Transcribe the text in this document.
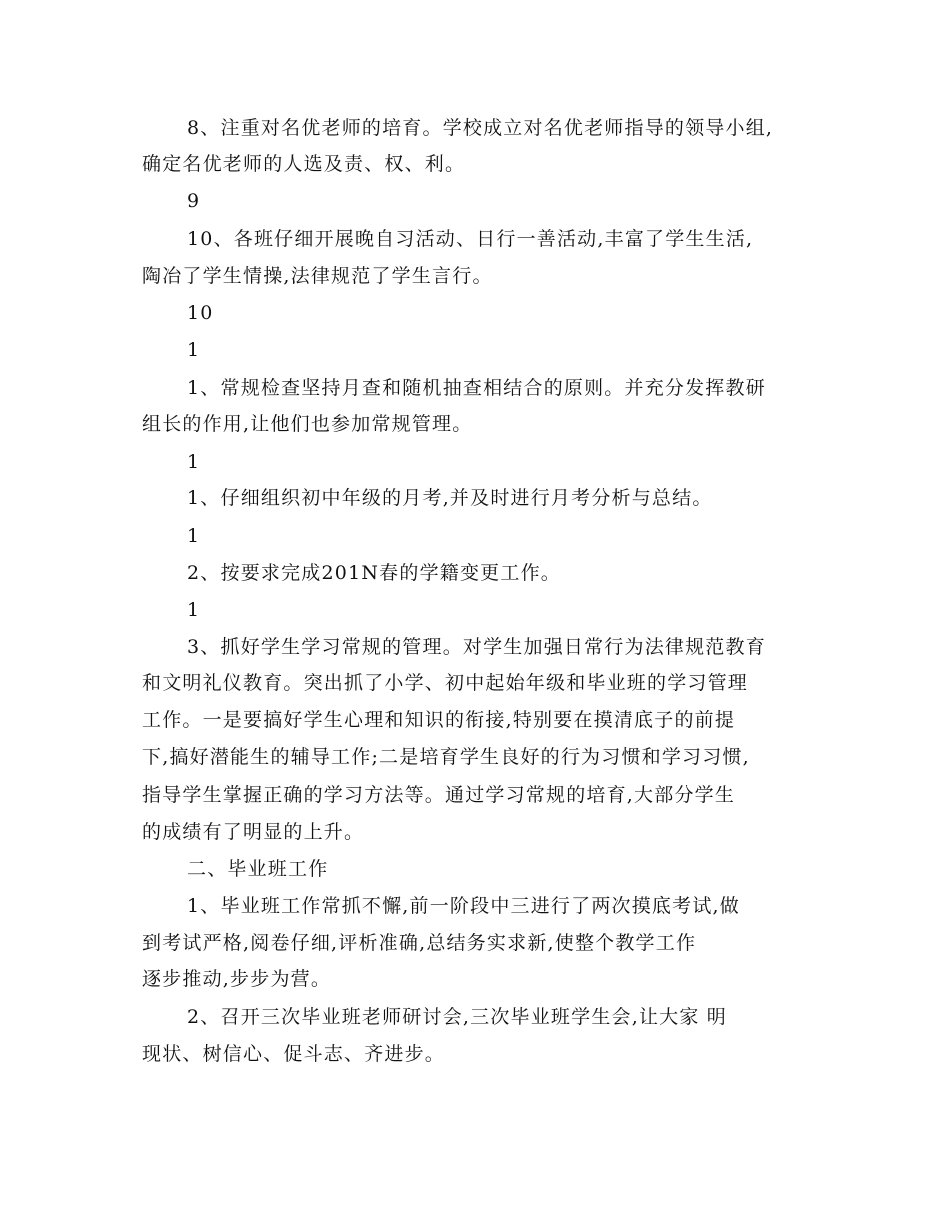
8、注重对名优老师的培育。学校成立对名优老师指导的领导小组,
确定名优老师的人选及责、权、利。
9
10、各班仔细开展晚自习活动、日行一善活动,丰富了学生生活,
陶冶了学生情操,法律规范了学生言行。
10
1
1、常规检查坚持月查和随机抽查相结合的原则。并充分发挥教研
组长的作用,让他们也参加常规管理。
1
1、仔细组织初中年级的月考,并及时进行月考分析与总结。
1
2、按要求完成201N春的学籍变更工作。
1
3、抓好学生学习常规的管理。对学生加强日常行为法律规范教育
和文明礼仪教育。突出抓了小学、初中起始年级和毕业班的学习管理
工作。一是要搞好学生心理和知识的衔接,特别要在摸清底子的前提
下,搞好潜能生的辅导工作;二是培育学生良好的行为习惯和学习习惯,
指导学生掌握正确的学习方法等。通过学习常规的培育,大部分学生
的成绩有了明显的上升。
二、毕业班工作
1、毕业班工作常抓不懈,前一阶段中三进行了两次摸底考试,做
到考试严格,阅卷仔细,评析准确,总结务实求新,使整个教学工作
逐步推动,步步为营。
2、召开三次毕业班老师研讨会,三次毕业班学生会,让大家 明
现状、树信心、促斗志、齐进步。
